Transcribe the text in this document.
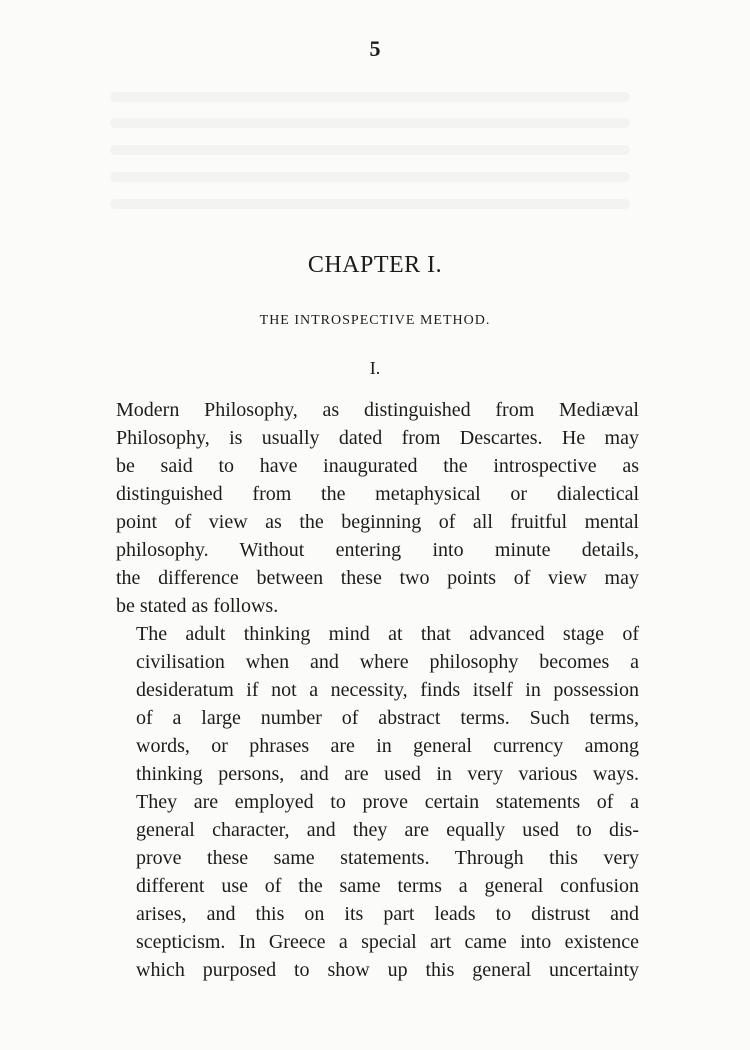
5
CHAPTER I.
THE INTROSPECTIVE METHOD.
I.

Modern Philosophy, as distinguished from Mediæval
Philosophy, is usually dated from Descartes. He may
be said to have inaugurated the introspective as
distinguished from the metaphysical or dialectical
point of view as the beginning of all fruitful mental
philosophy. Without entering into minute details,
the difference between these two points of view may
be stated as follows.

The adult thinking mind at that advanced stage of
civilisation when and where philosophy becomes a
desideratum if not a necessity, finds itself in possession
of a large number of abstract terms. Such terms,
words, or phrases are in general currency among
thinking persons, and are used in very various ways.
They are employed to prove certain statements of a
general character, and they are equally used to dis-
prove these same statements. Through this very
different use of the same terms a general confusion
arises, and this on its part leads to distrust and
scepticism. In Greece a special art came into existence
which purposed to show up this general uncertainty
